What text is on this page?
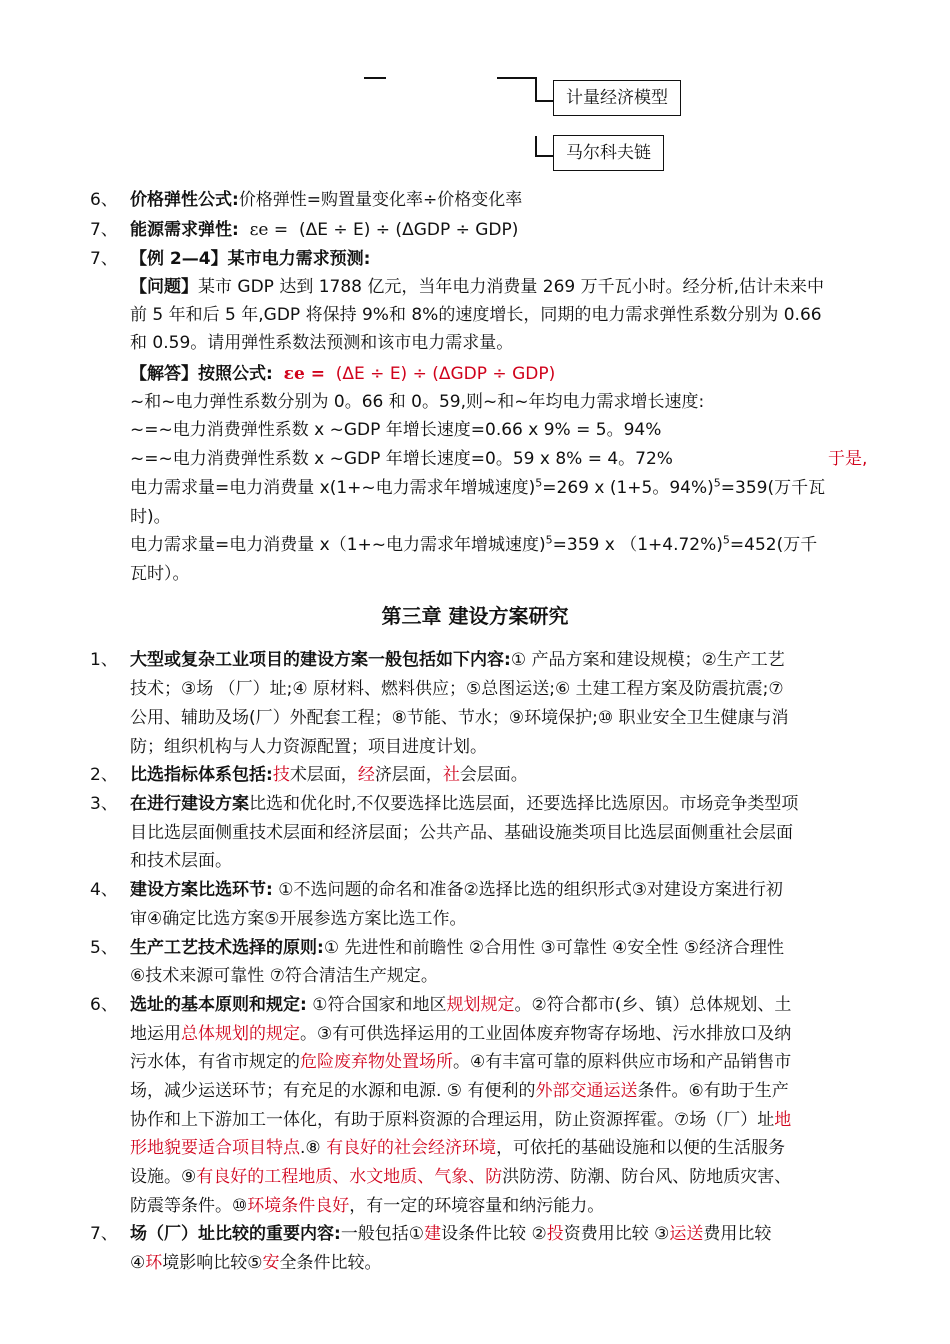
计量经济模型
马尔科夫链
6、 价格弹性公式:价格弹性=购置量变化率÷价格变化率
7、 能源需求弹性: εe = (ΔE ÷ E) ÷ (ΔGDP ÷ GDP)
7、 【例 2—4】某市电力需求预测:
【问题】某市 GDP 达到 1788 亿元，当年电力消费量 269 万千瓦小时。经分析,估计未来中
前 5 年和后 5 年,GDP 将保持 9%和 8%的速度增长，同期的电力需求弹性系数分别为 0.66
和 0.59。请用弹性系数法预测和该市电力需求量。
【解答】按照公式: εe = (ΔE ÷ E) ÷ (ΔGDP ÷ GDP)
~和~电力弹性系数分别为 0。66 和 0。59,则~和~年均电力需求增长速度:
~=~电力消费弹性系数 x ~GDP 年增长速度=0.66 x 9% = 5。94%
~=~电力消费弹性系数 x ~GDP 年增长速度=0。59 x 8% = 4。72%	于是,
电力需求量=电力消费量 x(1+~电力需求年增城速度)$^5$=269 x (1+5。94%)$^5$=359(万千瓦
时)。
电力需求量=电力消费量 x（1+~电力需求年增城速度)$^5$=359 x （1+4.72%)$^5$=452(万千
瓦时）。
第三章 建设方案研究
1、 大型或复杂工业项目的建设方案一般包括如下内容:① 产品方案和建设规模；②生产工艺
技术；③场 （厂）址;④ 原材料、燃料供应；⑤总图运送;⑥ 土建工程方案及防震抗震;⑦
公用、辅助及场(厂）外配套工程；⑧节能、节水；⑨环境保护;⑩ 职业安全卫生健康与消
防；组织机构与人力资源配置；项目进度计划。
2、 比选指标体系包括:技术层面，经济层面，社会层面。
3、 在进行建设方案比选和优化时,不仅要选择比选层面，还要选择比选原因。市场竞争类型项
目比选层面侧重技术层面和经济层面；公共产品、基础设施类项目比选层面侧重社会层面
和技术层面。
4、 建设方案比选环节: ①不选问题的命名和准备②选择比选的组织形式③对建设方案进行初
审④确定比选方案⑤开展参选方案比选工作。
5、 生产工艺技术选择的原则:① 先进性和前瞻性 ②合用性 ③可靠性 ④安全性 ⑤经济合理性
⑥技术来源可靠性 ⑦符合清洁生产规定。
6、 选址的基本原则和规定: ①符合国家和地区规划规定。②符合都市(乡、镇）总体规划、土
地运用总体规划的规定。③有可供选择运用的工业固体废弃物寄存场地、污水排放口及纳
污水体，有省市规定的危险废弃物处置场所。④有丰富可靠的原料供应市场和产品销售市
场，减少运送环节；有充足的水源和电源. ⑤ 有便利的外部交通运送条件。⑥有助于生产
协作和上下游加工一体化，有助于原料资源的合理运用，防止资源挥霍。⑦场（厂）址地
形地貌要适合项目特点.⑧ 有良好的社会经济环境，可依托的基础设施和以便的生活服务
设施。⑨有良好的工程地质、水文地质、气象、防洪防涝、防潮、防台风、防地质灾害、
防震等条件。⑩环境条件良好，有一定的环境容量和纳污能力。
7、 场（厂）址比较的重要内容:一般包括①建设条件比较 ②投资费用比较 ③运送费用比较
④环境影响比较⑤安全条件比较。
